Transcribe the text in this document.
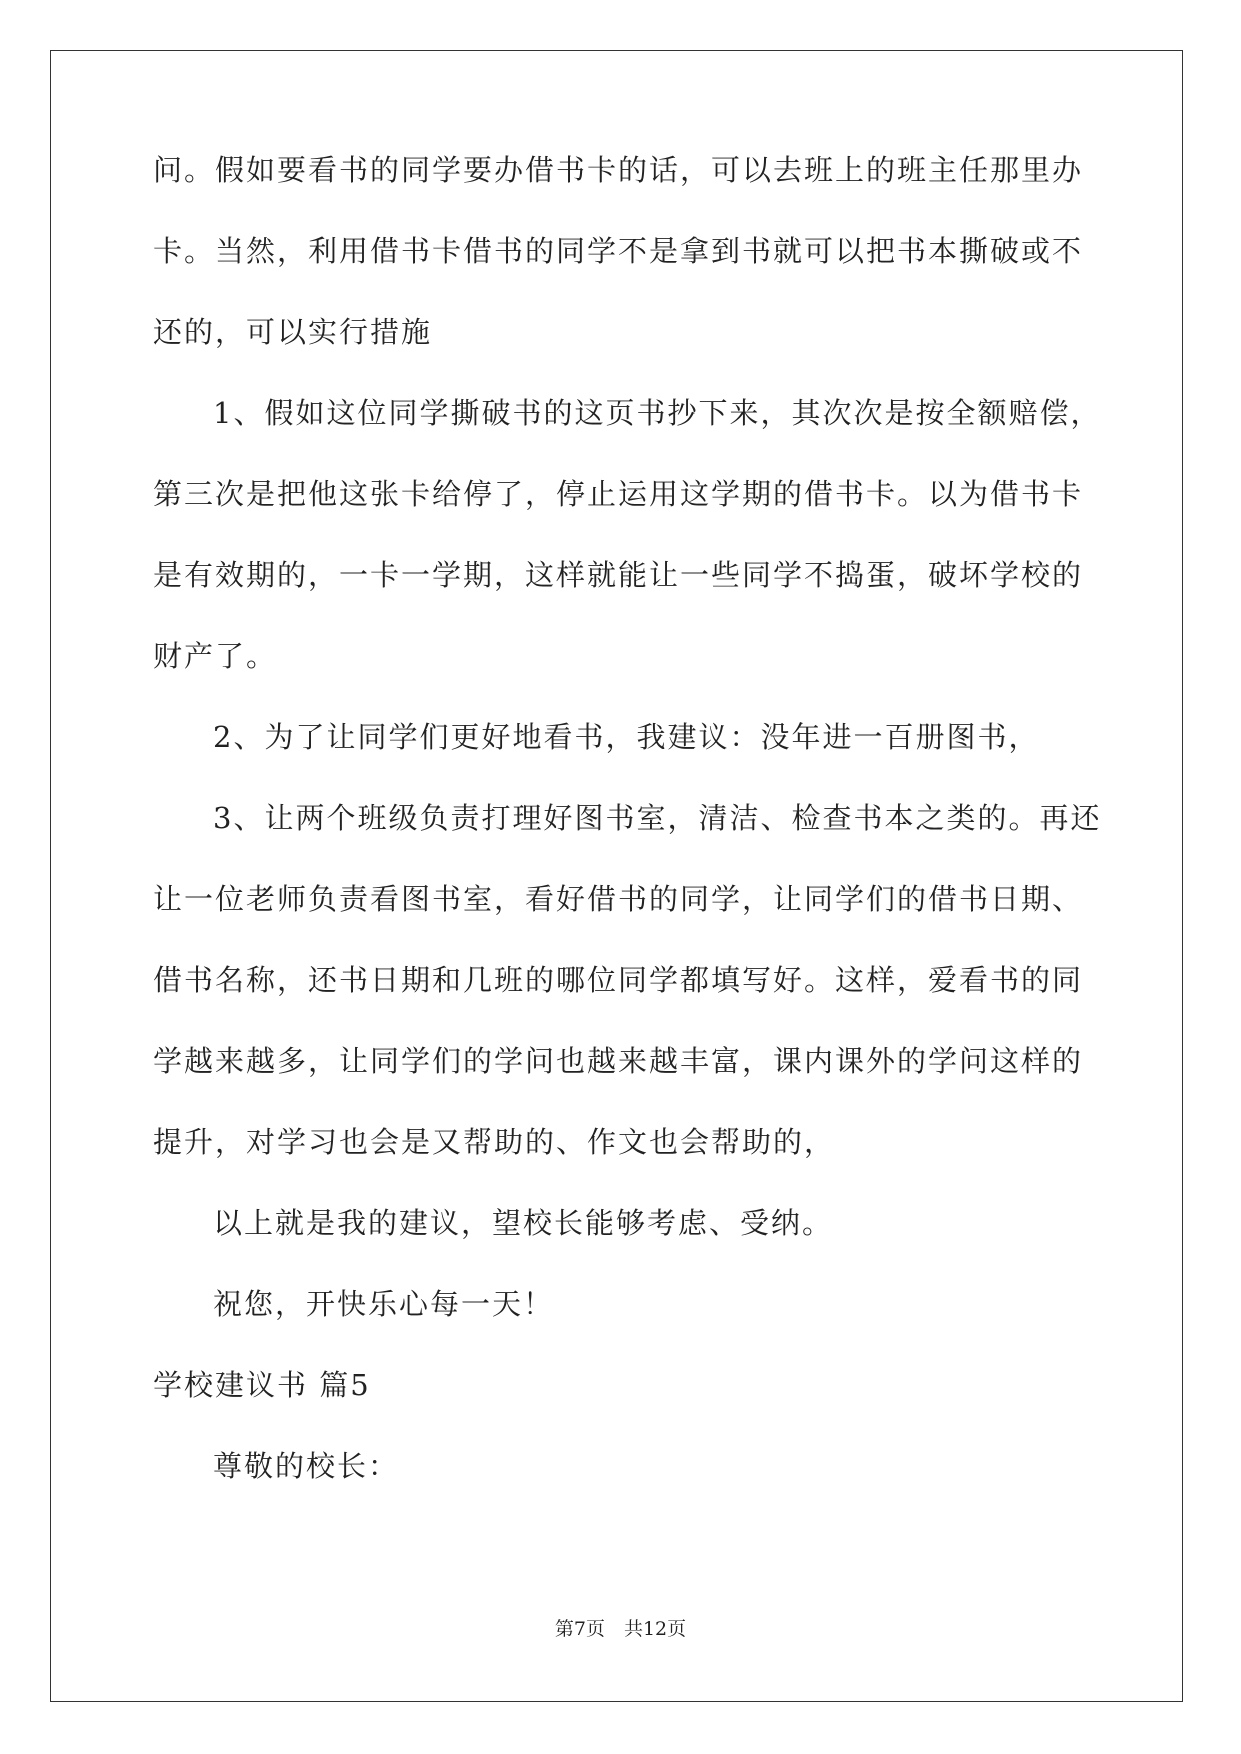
问。假如要看书的同学要办借书卡的话，可以去班上的班主任那里办
卡。当然，利用借书卡借书的同学不是拿到书就可以把书本撕破或不
还的，可以实行措施
1、假如这位同学撕破书的这页书抄下来，其次次是按全额赔偿，
第三次是把他这张卡给停了，停止运用这学期的借书卡。以为借书卡
是有效期的，一卡一学期，这样就能让一些同学不捣蛋，破坏学校的
财产了。
2、为了让同学们更好地看书，我建议：没年进一百册图书，
3、让两个班级负责打理好图书室，清洁、检查书本之类的。再还
让一位老师负责看图书室，看好借书的同学，让同学们的借书日期、
借书名称，还书日期和几班的哪位同学都填写好。这样，爱看书的同
学越来越多，让同学们的学问也越来越丰富，课内课外的学问这样的
提升，对学习也会是又帮助的、作文也会帮助的，
以上就是我的建议，望校长能够考虑、受纳。
祝您，开快乐心每一天！
学校建议书 篇5
尊敬的校长：
第7页　共12页
